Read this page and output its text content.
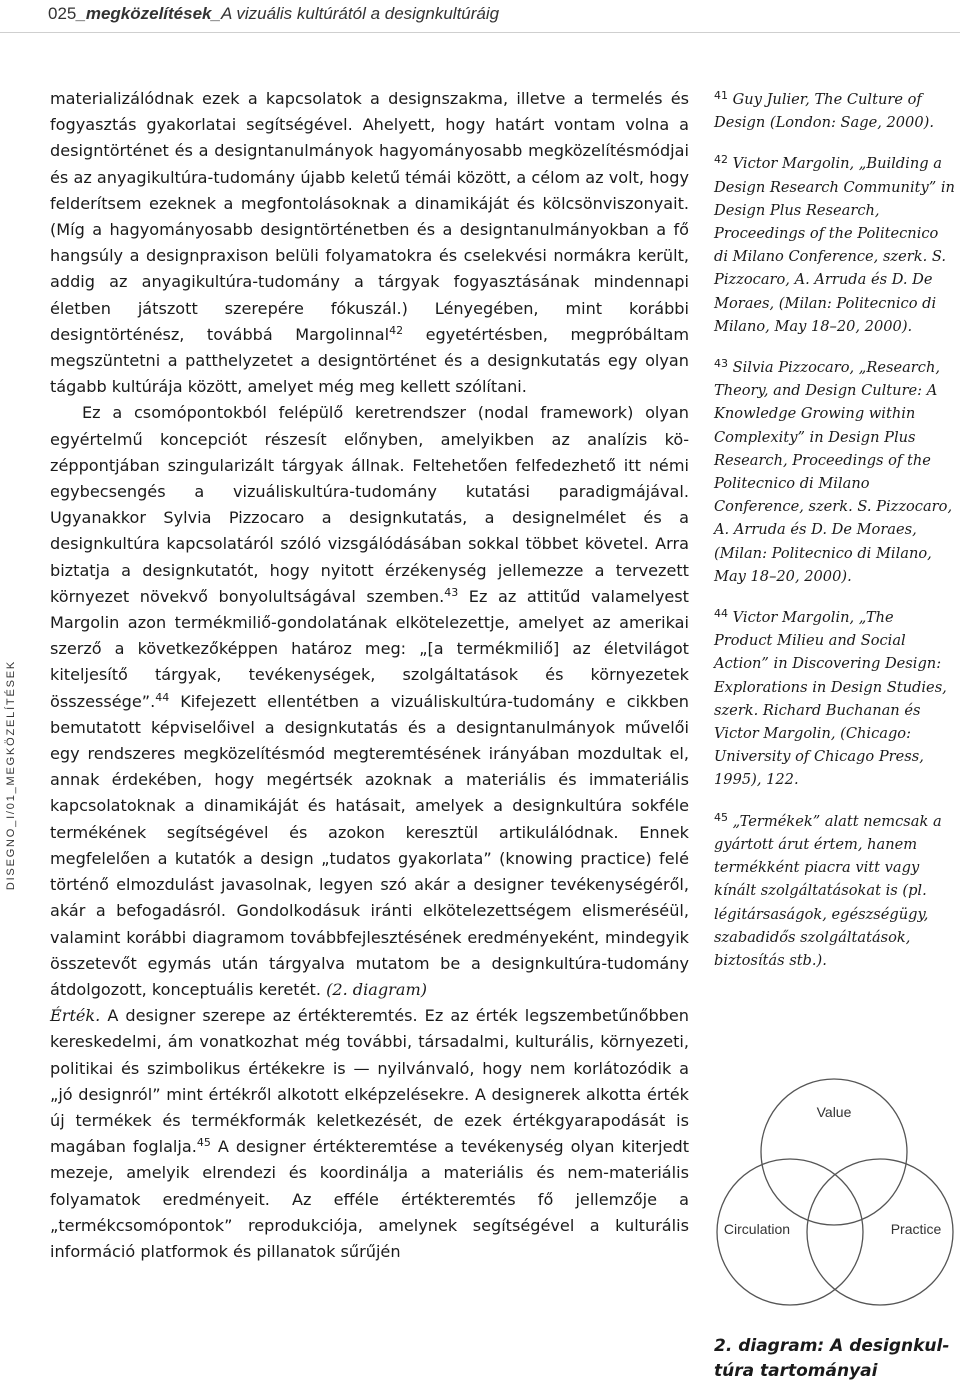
025_megközelítések_A vizuális kultúrától a designkultúráig
DISEGNO_I/01_MEGKÖZELÍTÉSEK

materializálódnak ezek a kapcsolatok a designszakma, illetve a termelés és fogyasztás gyakorlatai segítségével. Ahelyett, hogy határt vontam volna a designtörténet és a designtanulmányok hagyományosabb megközelítésmódjai és az anyagikultúra-tudomány újabb keletű témái között, a célom az volt, hogy felderítsem ezeknek a megfontolásoknak a dinamikáját és kölcsönviszonyait. (Míg a hagyományosabb designtörténetben és a designtanulmányokban a fő hangsúly a designpraxison belüli folyamatokra és cselekvési normákra került, addig az anyagikultúra-tudomány a tárgyak fogyasztásának mindennapi életben játszott szerepére fókuszál.) Lényegében, mint korábbi designtörténész, továbbá Margolinnal$^{42}$ egyetértésben, megpróbáltam megszüntetni a patthelyzetet a designtörténet és a designkutatás egy olyan tágabb kultúrája között, amelyet még meg kellett szólítani.

Ez a csomópontokból felépülő keretrendszer (nodal framework) olyan egyértelmű koncepciót részesít előnyben, amelyikben az analízis középpontjában szingularizált tárgyak állnak. Feltehetően felfedezhető itt némi egybecsengés a vizuáliskultúra-tudomány kutatási paradigmájával. Ugyanakkor Sylvia Pizzocaro a designkutatás, a designelmélet és a designkultúra kapcsolatáról szóló vizsgálódásában sokkal többet követel. Arra biztatja a designkutatót, hogy nyitott érzékenység jellemezze a tervezett környezet növekvő bonyolultságával szemben.$^{43}$ Ez az attitűd valamelyest Margolin azon termékmiliő-gondolatának elkötelezettje, amelyet az amerikai szerző a következőképpen határoz meg: „[a termékmiliő] az életvilágot kiteljesítő tárgyak, tevékenységek, szolgáltatások és környezetek összessége”.$^{44}$ Kifejezett ellentétben a vizuáliskultúra-tudomány e cikkben bemutatott képviselőivel a designkutatás és a designtanulmányok művelői egy rendszeres megközelítésmód megteremtésének irányában mozdultak el, annak érdekében, hogy megértsék azoknak a materiális és immateriális kapcsolatoknak a dinamikáját és hatásait, amelyek a designkultúra sokféle termékének segítségével és azokon keresztül artikulálódnak. Ennek megfelelően a kutatók a design „tudatos gyakorlata” (knowing practice) felé történő elmozdulást javasolnak, legyen szó akár a designer tevékenységéről, akár a befogadásról. Gondolkodásuk iránti elkötelezettségem elismeréséül, valamint korábbi diagramom továbbfejlesztésének eredményeként, mindegyik összetevőt egymás után tárgyalva mutatom be a designkultúra-tudomány átdolgozott, konceptuális keretét. (2. diagram)

Érték. A designer szerepe az értékteremtés. Ez az érték legszembetűnőbben kereskedelmi, ám vonatkozhat még további, társadalmi, kulturális, környezeti, politikai és szimbolikus értékekre is — nyilvánvaló, hogy nem korlátozódik a „jó designról” mint értékről alkotott elképzelésekre. A designerek alkotta érték új termékek és termékformák keletkezését, de ezek értékgyarapodását is magában foglalja.$^{45}$ A designer értékteremtése a tevékenység olyan kiterjedt mezeje, amelyik elrendezi és koordinálja a materiális és nem-materiális folyamatok eredményeit. Az efféle értékteremtés fő jellemzője a „termékcsomópontok” reprodukciója, amelynek segítségével a kulturális információ platformok és pillanatok sűrűjén

$^{41}$ Guy Julier, The Culture of Design (London: Sage, 2000).

$^{42}$ Victor Margolin, „Building a Design Research Community” in Design Plus Research, Proceedings of the Politecnico di Milano Conference, szerk. S. Pizzocaro, A. Arruda és D. De Moraes, (Milan: Politecnico di Milano, May 18–20, 2000).

$^{43}$ Silvia Pizzocaro, „Research, Theory, and Design Culture: A Knowledge Growing within Complexity” in Design Plus Research, Proceedings of the Politecnico di Milano Conference, szerk. S. Pizzocaro, A. Arruda és D. De Moraes, (Milan: Politecnico di Milano, May 18–20, 2000).

$^{44}$ Victor Margolin, „The Product Milieu and Social Action” in Discovering Design: Explorations in Design Studies, szerk. Richard Buchanan és Victor Margolin, (Chicago: University of Chicago Press, 1995), 122.

$^{45}$ „Termékek” alatt nemcsak a gyártott árut értem, hanem termékként piacra vitt vagy kínált szolgáltatásokat is (pl. légitársaságok, egészségügy, szabadidős szolgáltatások, biztosítás stb.).

Value
Circulation	Practice
2. diagram: A designkultúra tartományai
